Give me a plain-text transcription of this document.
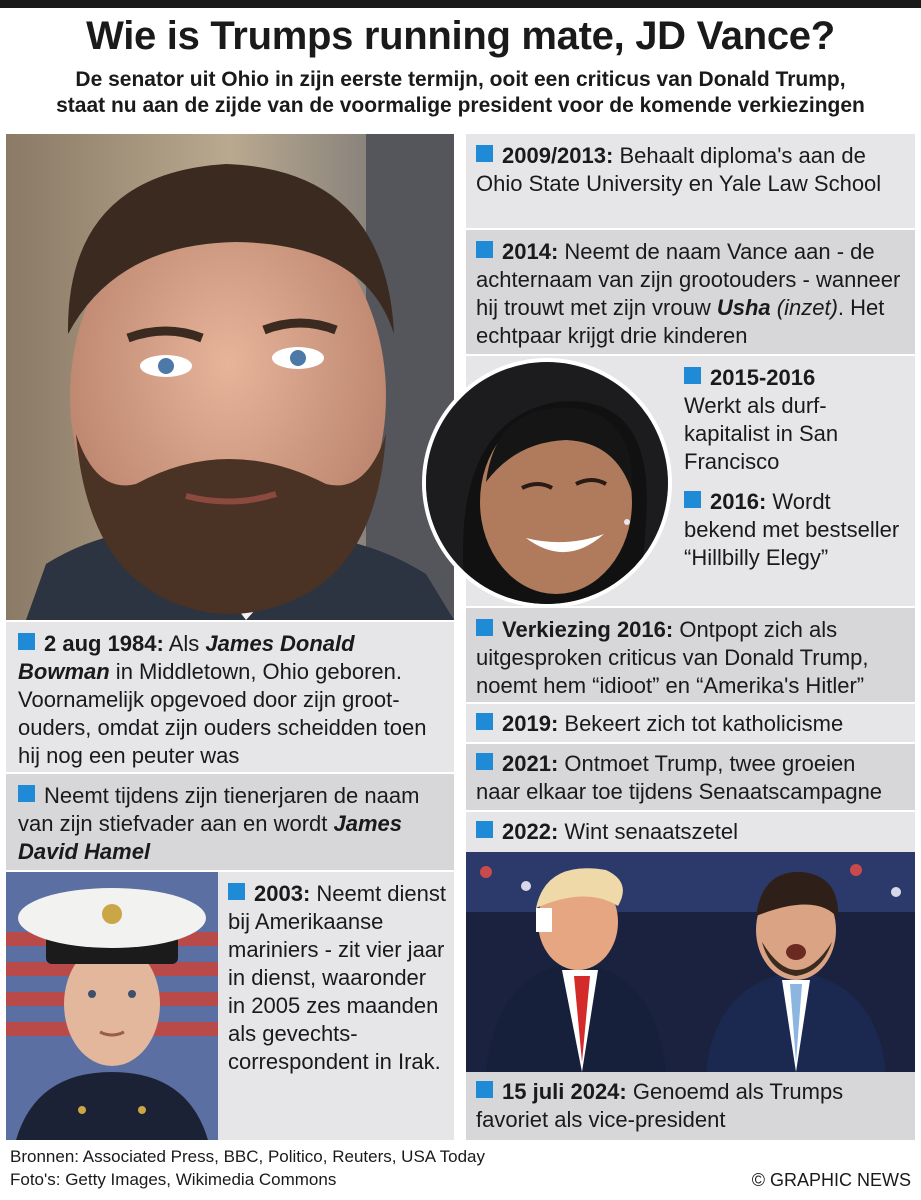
Wie is Trumps running mate, JD Vance?
De senator uit Ohio in zijn eerste termijn, ooit een criticus van Donald Trump,
staat nu aan de zijde van de voormalige president voor de komende verkiezingen
2 aug 1984: Als James Donald Bowman in Middletown, Ohio geboren. Voornamelijk opgevoed door zijn groot-ouders, omdat zijn ouders scheidden toen hij nog een peuter was
Neemt tijdens zijn tienerjaren de naam van zijn stiefvader aan en wordt James David Hamel
2003: Neemt dienst bij Amerikaanse mariniers - zit vier jaar in dienst, waaronder in 2005 zes maanden als gevechts-correspondent in Irak.
2009/2013: Behaalt diploma's aan de Ohio State University en Yale Law School
2014: Neemt de naam Vance aan - de achternaam van zijn grootouders - wanneer hij trouwt met zijn vrouw Usha (inzet). Het echtpaar krijgt drie kinderen
2015-2016
Werkt als durf-kapitalist in San Francisco
2016: Wordt bekend met bestseller “Hillbilly Elegy”
Verkiezing 2016: Ontpopt zich als uitgesproken criticus van Donald Trump, noemt hem “idioot” en “Amerika's Hitler”
2019: Bekeert zich tot katholicisme
2021: Ontmoet Trump, twee groeien naar elkaar toe tijdens Senaatscampagne
2022: Wint senaatszetel
15 juli 2024: Genoemd als Trumps favoriet als vice-president
Bronnen: Associated Press, BBC, Politico, Reuters, USA Today
Foto's: Getty Images, Wikimedia Commons	© GRAPHIC NEWS
